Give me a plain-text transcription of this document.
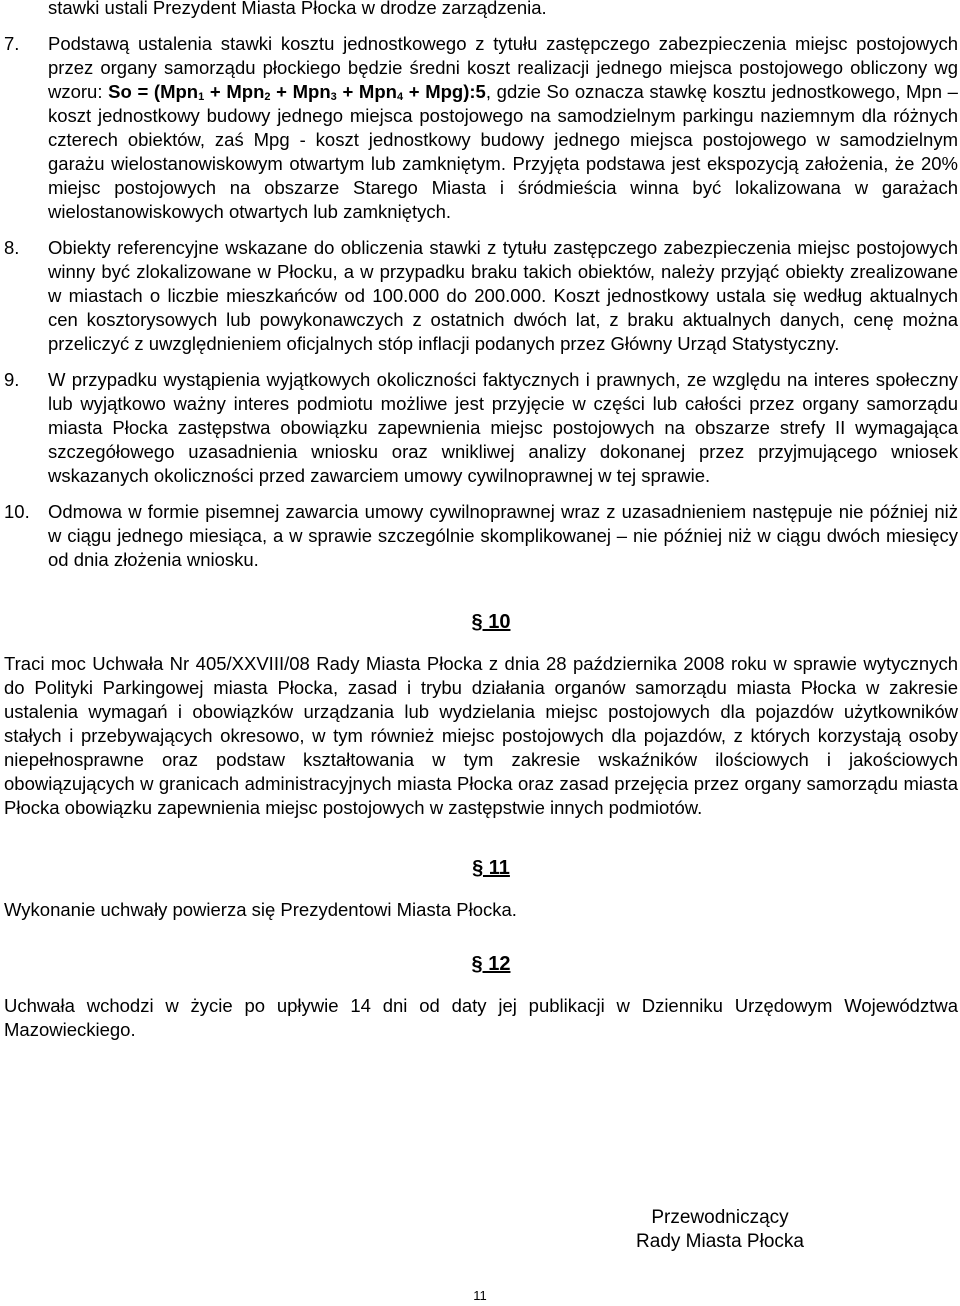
stawki ustali Prezydent Miasta Płocka w drodze zarządzenia.

7.	Podstawą ustalenia stawki kosztu jednostkowego z tytułu zastępczego zabezpieczenia miejsc postojowych przez organy samorządu płockiego będzie średni koszt realizacji jednego miejsca postojowego obliczony wg wzoru: So = (Mpn$_1$ + Mpn$_2$ + Mpn$_3$ + Mpn$_4$ + Mpg):5, gdzie So oznacza stawkę kosztu jednostkowego, Mpn – koszt jednostkowy budowy jednego miejsca postojowego na samodzielnym parkingu naziemnym dla różnych czterech obiektów, zaś Mpg - koszt jednostkowy budowy jednego miejsca postojowego w samodzielnym garażu wielostanowiskowym otwartym lub zamkniętym. Przyjęta podstawa jest ekspozycją założenia, że 20% miejsc postojowych na obszarze Starego Miasta i śródmieścia winna być lokalizowana w garażach wielostanowiskowych otwartych lub zamkniętych.
8.	Obiekty referencyjne wskazane do obliczenia stawki z tytułu zastępczego zabezpieczenia miejsc postojowych winny być zlokalizowane w Płocku, a w przypadku braku takich obiektów, należy przyjąć obiekty zrealizowane w miastach o liczbie mieszkańców od 100.000 do 200.000. Koszt jednostkowy ustala się według aktualnych cen kosztorysowych lub powykonawczych z ostatnich dwóch lat, z braku aktualnych danych, cenę można przeliczyć z uwzględnieniem oficjalnych stóp inflacji podanych przez Główny Urząd Statystyczny.
9.	W przypadku wystąpienia wyjątkowych okoliczności faktycznych i prawnych, ze względu na interes społeczny lub wyjątkowo ważny interes podmiotu możliwe jest przyjęcie w części lub całości przez organy samorządu miasta Płocka zastępstwa obowiązku zapewnienia miejsc postojowych na obszarze strefy II wymagająca szczegółowego uzasadnienia wniosku oraz wnikliwej analizy dokonanej przez przyjmującego wniosek wskazanych okoliczności przed zawarciem umowy cywilnoprawnej w tej sprawie.
10. Odmowa w formie pisemnej zawarcia umowy cywilnoprawnej wraz z uzasadnieniem następuje nie później niż w ciągu jednego miesiąca, a w sprawie szczególnie skomplikowanej – nie później niż w ciągu dwóch miesięcy od dnia złożenia wniosku.
§ 10

Traci moc Uchwała Nr 405/XXVIII/08 Rady Miasta Płocka z dnia 28 października 2008 roku w sprawie wytycznych do Polityki Parkingowej miasta Płocka, zasad i trybu działania organów samorządu miasta Płocka w zakresie ustalenia wymagań i obowiązków urządzania lub wydzielania miejsc postojowych dla pojazdów użytkowników stałych i przebywających okresowo, w tym również miejsc postojowych dla pojazdów, z których korzystają osoby niepełnosprawne oraz podstaw kształtowania w tym zakresie wskaźników ilościowych i jakościowych obowiązujących w granicach administracyjnych miasta Płocka oraz zasad przejęcia przez organy samorządu miasta Płocka obowiązku zapewnienia miejsc postojowych w zastępstwie innych podmiotów.

§ 11

Wykonanie uchwały powierza się Prezydentowi Miasta Płocka.

§ 12

Uchwała wchodzi w życie po upływie 14 dni od daty jej publikacji w Dzienniku Urzędowym Województwa Mazowieckiego.

Przewodniczący
Rady Miasta Płocka
11
